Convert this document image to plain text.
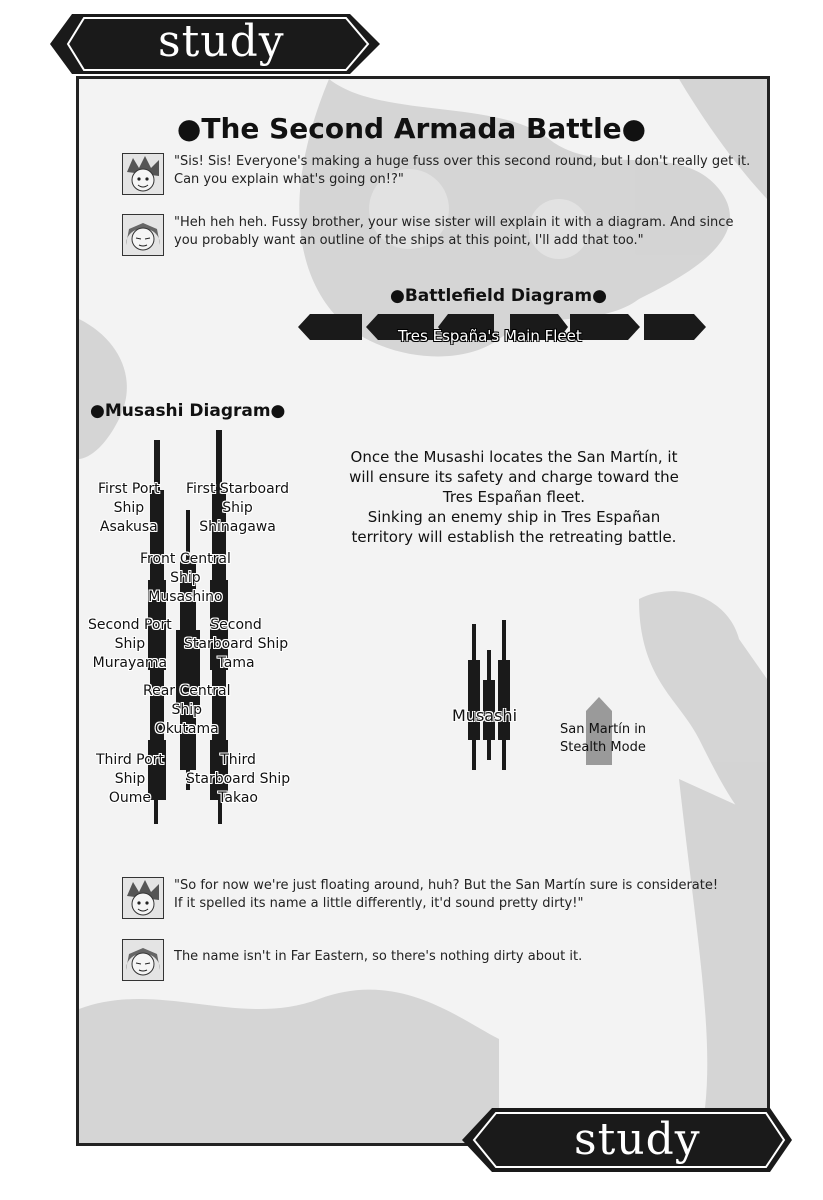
study
●The Second Armada Battle●
"Sis! Sis! Everyone's making a huge fuss over this second round, but I don't really get it.
Can you explain what's going on!?"
"Heh heh heh. Fussy brother, your wise sister will explain it with a diagram. And since
you probably want an outline of the ships at this point, I'll add that too."
●Battlefield Diagram●
Tres España's Main Fleet
●Musashi Diagram●
First Port
Ship
Asakusa
First Starboard
Ship
Shinagawa
Front Central
Ship
Musashino
Second Port
Ship
Murayama
Second
Starboard Ship
Tama
Rear Central
Ship
Okutama
Third Port
Ship
Oume
Third
Starboard Ship
Takao
Once the Musashi locates the San Martín, it
will ensure its safety and charge toward the
Tres Españan fleet.
Sinking an enemy ship in Tres Españan
territory will establish the retreating battle.
Musashi
San Martín in
Stealth Mode
"So for now we're just floating around, huh? But the San Martín sure is considerate!
If it spelled its name a little differently, it'd sound pretty dirty!"
The name isn't in Far Eastern, so there's nothing dirty about it.
study
